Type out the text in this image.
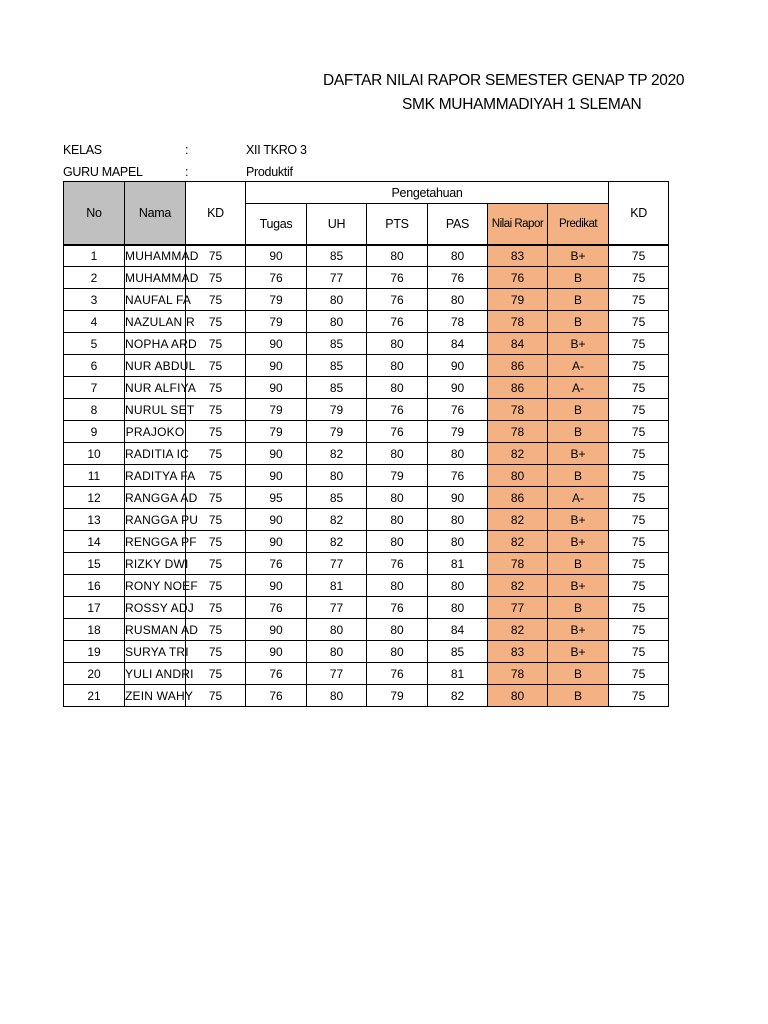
DAFTAR NILAI RAPOR SEMESTER GENAP TP 2020
SMK MUHAMMADIYAH 1 SLEMAN
KELAS	:	XII TKRO 3
GURU MAPEL	:	Produktif
No	Nama	KD	Pengetahuan						KD
			Tugas	UH	PTS	PAS	Nilai Rapor	Predikat	
1	MUHAMMAD	75	90	85	80	80	83	B+	75
2	MUHAMMAD	75	76	77	76	76	76	B	75
3	NAUFAL FA	75	79	80	76	80	79	B	75
4	NAZULAN R	75	79	80	76	78	78	B	75
5	NOPHA ARD	75	90	85	80	84	84	B+	75
6	NUR ABDUL	75	90	85	80	90	86	A-	75
7	NUR ALFIYA	75	90	85	80	90	86	A-	75
8	NURUL SET	75	79	79	76	76	78	B	75
9	PRAJOKO	75	79	79	76	79	78	B	75
10	RADITIA IC	75	90	82	80	80	82	B+	75
11	RADITYA FA	75	90	80	79	76	80	B	75
12	RANGGA AD	75	95	85	80	90	86	A-	75
13	RANGGA PU	75	90	82	80	80	82	B+	75
14	RENGGA PF	75	90	82	80	80	82	B+	75
15	RIZKY DWI	75	76	77	76	81	78	B	75
16	RONY NOEF	75	90	81	80	80	82	B+	75
17	ROSSY ADJ	75	76	77	76	80	77	B	75
18	RUSMAN AD	75	90	80	80	84	82	B+	75
19	SURYA TRI	75	90	80	80	85	83	B+	75
20	YULI ANDRI	75	76	77	76	81	78	B	75
21	ZEIN WAHY	75	76	80	79	82	80	B	75
